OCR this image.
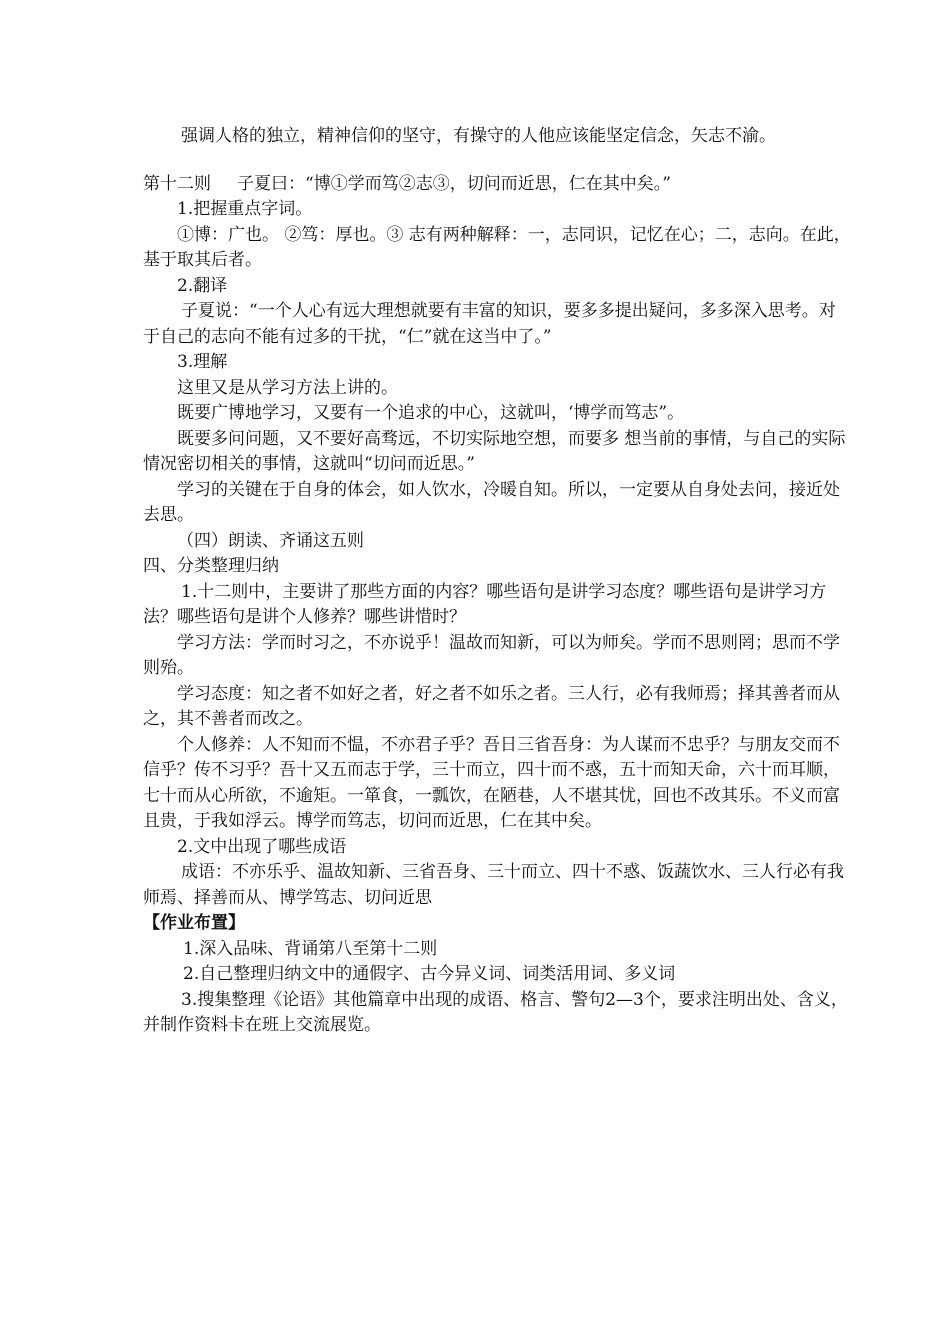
强调人格的独立，精神信仰的坚守，有操守的人他应该能坚定信念，矢志不渝。

第十二则 子夏曰：“博①学而笃②志③，切问而近思，仁在其中矣。”

1.把握重点字词。

①博：广也。 ②笃：厚也。③ 志有两种解释：一，志同识，记忆在心；二，志向。在此，基于取其后者。

2.翻译

子夏说：“一个人心有远大理想就要有丰富的知识，要多多提出疑问，多多深入思考。对于自己的志向不能有过多的干扰，“仁”就在这当中了。”

3.理解

这里又是从学习方法上讲的。

既要广博地学习，又要有一个追求的中心，这就叫，‘博学而笃志”。

既要多问问题，又不要好高骛远，不切实际地空想，而要多 想当前的事情，与自己的实际情况密切相关的事情，这就叫“切问而近思。”

学习的关键在于自身的体会，如人饮水，冷暖自知。所以，一定要从自身处去问，接近处去思。

（四）朗读、齐诵这五则

四、分类整理归纳

1.十二则中，主要讲了那些方面的内容？哪些语句是讲学习态度？哪些语句是讲学习方法？哪些语句是讲个人修养？哪些讲惜时？

学习方法：学而时习之，不亦说乎！温故而知新，可以为师矣。学而不思则罔；思而不学则殆。

学习态度：知之者不如好之者，好之者不如乐之者。三人行，必有我师焉；择其善者而从之，其不善者而改之。

个人修养：人不知而不愠，不亦君子乎？吾日三省吾身：为人谋而不忠乎？与朋友交而不信乎？传不习乎？吾十又五而志于学，三十而立，四十而不惑，五十而知天命，六十而耳顺，七十而从心所欲，不逾矩。一箪食，一瓢饮，在陋巷，人不堪其忧，回也不改其乐。不义而富且贵，于我如浮云。博学而笃志，切问而近思，仁在其中矣。

2.文中出现了哪些成语

成语：不亦乐乎、温故知新、三省吾身、三十而立、四十不惑、饭蔬饮水、三人行必有我师焉、择善而从、博学笃志、切问近思

【作业布置】

1.深入品味、背诵第八至第十二则

2.自己整理归纳文中的通假字、古今异义词、词类活用词、多义词

3.搜集整理《论语》其他篇章中出现的成语、格言、警句2—3个，要求注明出处、含义，并制作资料卡在班上交流展览。
